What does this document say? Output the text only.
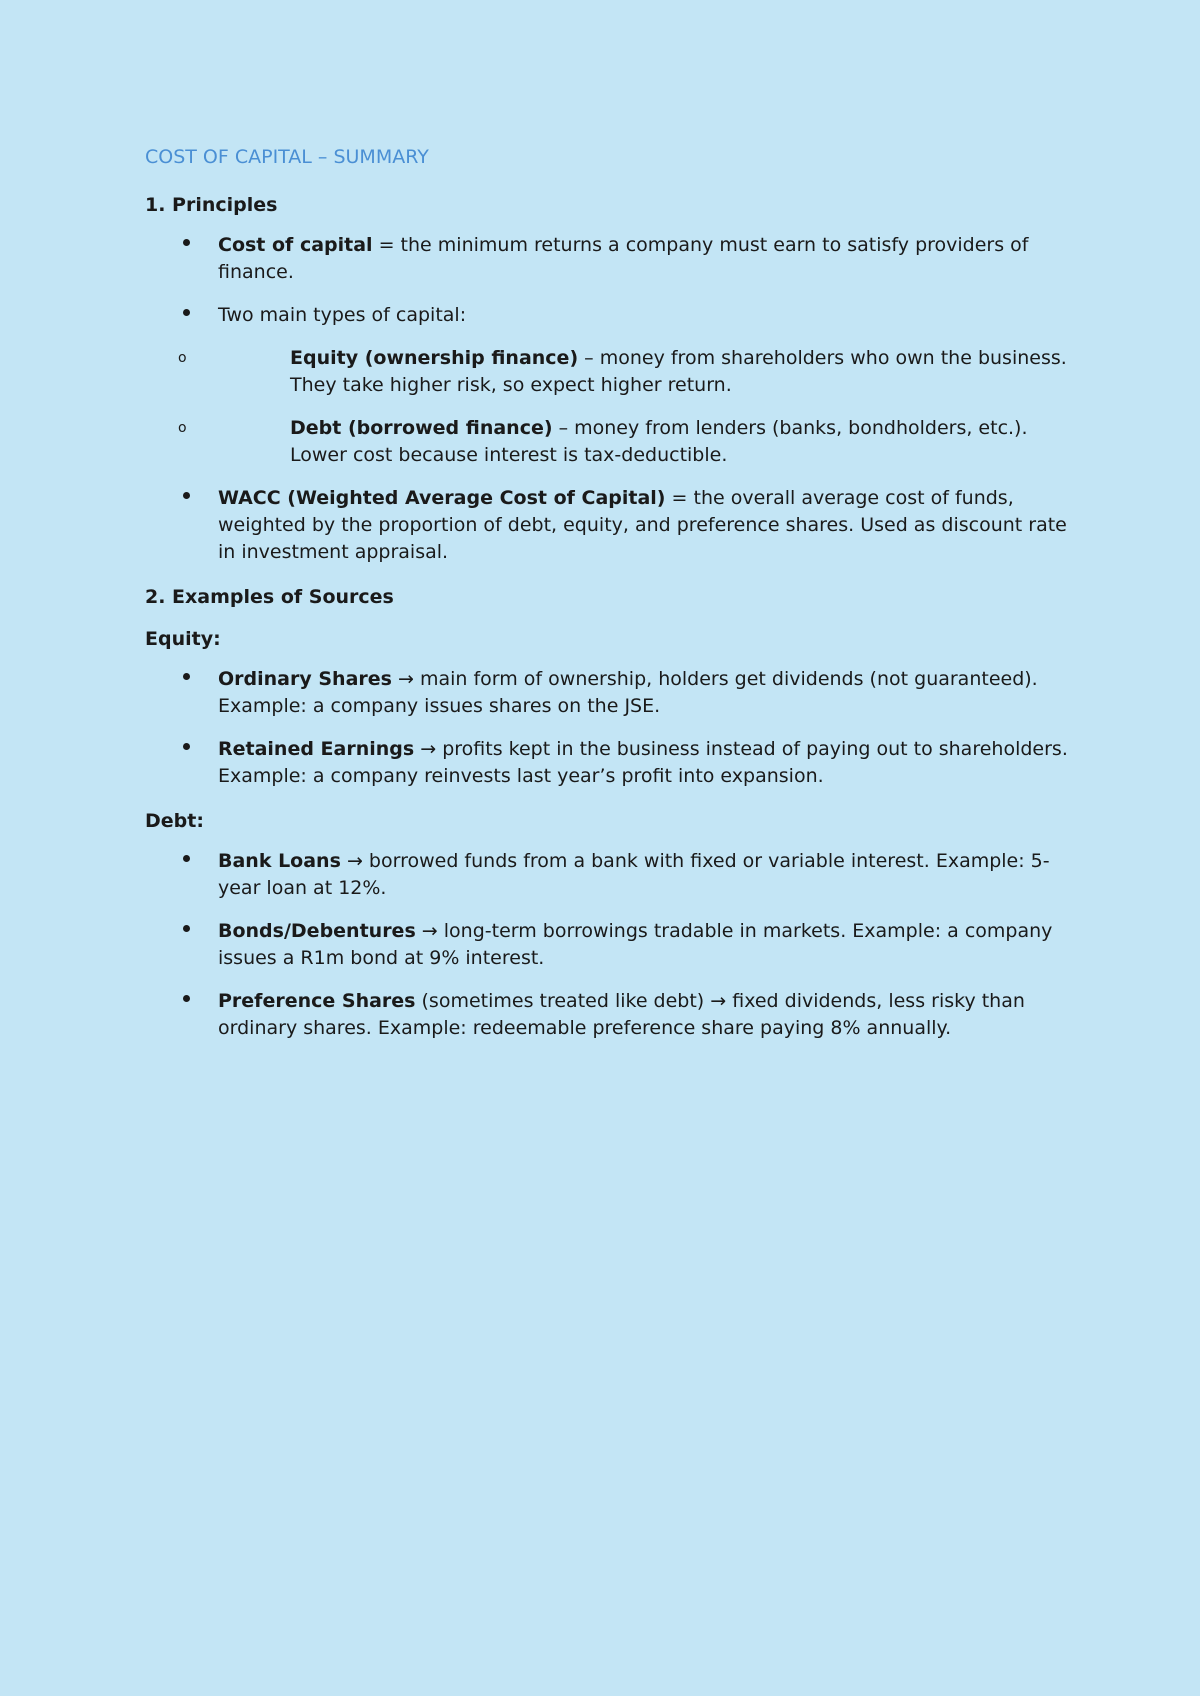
COST OF CAPITAL – SUMMARY
1. Principles
Cost of capital = the minimum returns a company must earn to satisfy providers of finance.
Two main types of capital:
o	Equity (ownership finance) – money from shareholders who own the business. They take higher risk, so expect higher return.
o	Debt (borrowed finance) – money from lenders (banks, bondholders, etc.). Lower cost because interest is tax-deductible.
WACC (Weighted Average Cost of Capital) = the overall average cost of funds, weighted by the proportion of debt, equity, and preference shares. Used as discount rate in investment appraisal.
2. Examples of Sources
Equity:
Ordinary Shares → main form of ownership, holders get dividends (not guaranteed). Example: a company issues shares on the JSE.
Retained Earnings → profits kept in the business instead of paying out to shareholders. Example: a company reinvests last year’s profit into expansion.
Debt:
Bank Loans → borrowed funds from a bank with fixed or variable interest. Example: 5-year loan at 12%.
Bonds/Debentures → long-term borrowings tradable in markets. Example: a company issues a R1m bond at 9% interest.
Preference Shares (sometimes treated like debt) → fixed dividends, less risky than ordinary shares. Example: redeemable preference share paying 8% annually.
